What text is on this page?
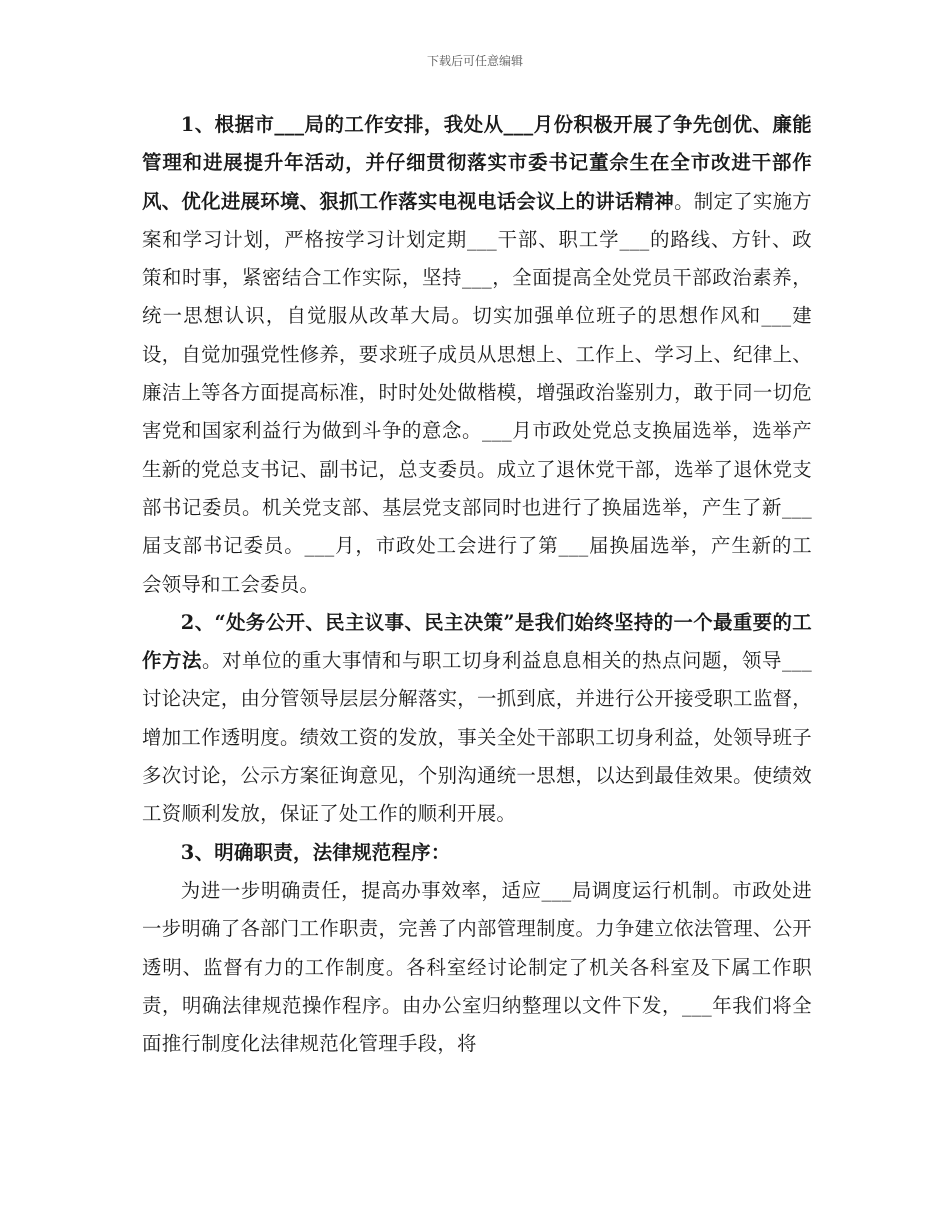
下载后可任意编辑

1、根据市___局的工作安排，我处从___月份积极开展了争先创优、廉能管理和进展提升年活动，并仔细贯彻落实市委书记董佘生在全市改进干部作风、优化进展环境、狠抓工作落实电视电话会议上的讲话精神。制定了实施方案和学习计划，严格按学习计划定期___干部、职工学___的路线、方针、政策和时事，紧密结合工作实际，坚持___，全面提高全处党员干部政治素养，统一思想认识，自觉服从改革大局。切实加强单位班子的思想作风和___建设，自觉加强党性修养，要求班子成员从思想上、工作上、学习上、纪律上、廉洁上等各方面提高标准，时时处处做楷模，增强政治鉴别力，敢于同一切危害党和国家利益行为做到斗争的意念。___月市政处党总支换届选举，选举产生新的党总支书记、副书记，总支委员。成立了退休党干部，选举了退休党支部书记委员。机关党支部、基层党支部同时也进行了换届选举，产生了新___届支部书记委员。___月，市政处工会进行了第___届换届选举，产生新的工会领导和工会委员。

2、“处务公开、民主议事、民主决策”是我们始终坚持的一个最重要的工作方法。对单位的重大事情和与职工切身利益息息相关的热点问题，领导___讨论决定，由分管领导层层分解落实，一抓到底，并进行公开接受职工监督，增加工作透明度。绩效工资的发放，事关全处干部职工切身利益，处领导班子多次讨论，公示方案征询意见，个别沟通统一思想，以达到最佳效果。使绩效工资顺利发放，保证了处工作的顺利开展。

3、明确职责，法律规范程序：

为进一步明确责任，提高办事效率，适应___局调度运行机制。市政处进一步明确了各部门工作职责，完善了内部管理制度。力争建立依法管理、公开透明、监督有力的工作制度。各科室经讨论制定了机关各科室及下属工作职责，明确法律规范操作程序。由办公室归纳整理以文件下发，___年我们将全面推行制度化法律规范化管理手段，将
